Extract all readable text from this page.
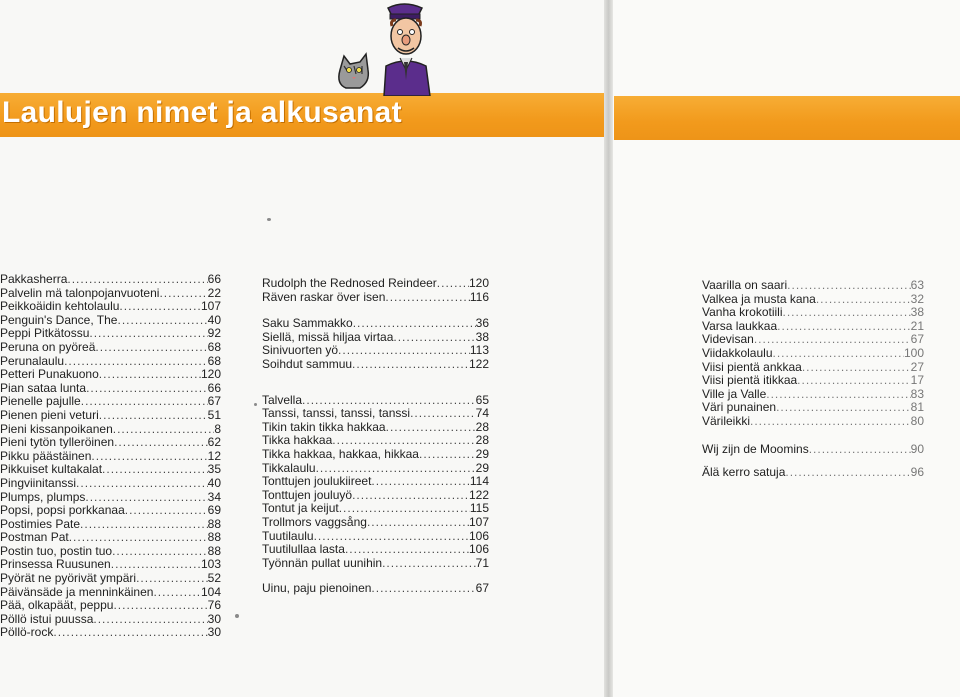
Laulujen nimet ja alkusanat
Pakkasherra .....	66
Palvelin mä talonpojanvuoteni .....	22
Peikkoäidin kehtolaulu .....	107
Penguin's Dance, The .....	40
Peppi Pitkätossu .....	92
Peruna on pyöreä .....	68
Perunalaulu .....	68
Petteri Punakuono .....	120
Pian sataa lunta .....	66
Pienelle pajulle .....	67
Pienen pieni veturi .....	51
Pieni kissanpoikanen .....	8
Pieni tytön tylleröinen .....	62
Pikku päästäinen .....	12
Pikkuiset kultakalat .....	35
Pingviinitanssi .....	40
Plumps, plumps .....	34
Popsi, popsi porkkanaa .....	69
Postimies Pate .....	88
Postman Pat .....	88
Postin tuo, postin tuo .....	88
Prinsessa Ruusunen .....	103
Pyörät ne pyörivät ympäri .....	52
Päivänsäde ja menninkäinen .....	104
Pää, olkapäät, peppu .....	76
Pöllö istui puussa .....	30
Pöllö-rock .....	30
Rudolph the Rednosed Reindeer .....	120
Räven raskar över isen .....	116
Saku Sammakko .....	36
Siellä, missä hiljaa virtaa .....	38
Sinivuorten yö .....	113
Soihdut sammuu .....	122
Talvella .....	65
Tanssi, tanssi, tanssi, tanssi .....	74
Tikin takin tikka hakkaa .....	28
Tikka hakkaa .....	28
Tikka hakkaa, hakkaa, hikkaa .....	29
Tikkalaulu .....	29
Tonttujen joulukiireet .....	114
Tonttujen jouluyö .....	122
Tontut ja keijut .....	115
Trollmors vaggsång .....	107
Tuutilaulu .....	106
Tuutilullaa lasta .....	106
Työnnän pullat uunihin .....	71
Uinu, paju pienoinen .....	67
Vaarilla on saari .....	63
Valkea ja musta kana .....	32
Vanha krokotiili .....	38
Varsa laukkaa .....	21
Videvisan .....	67
Viidakkolaulu .....	100
Viisi pientä ankkaa .....	27
Viisi pientä itikkaa .....	17
Ville ja Valle .....	83
Väri punainen .....	81
Värileikki .....	80
Wij zijn de Moomins .....	90
Älä kerro satuja .....	96
